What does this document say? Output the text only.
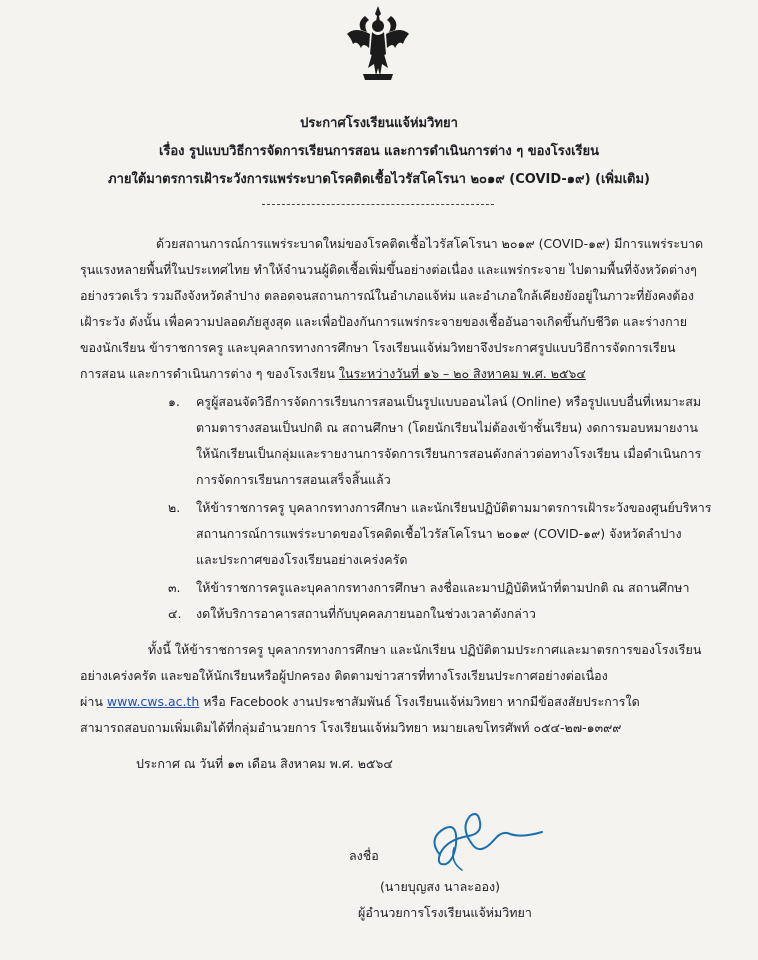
ประกาศโรงเรียนแจ้ห่มวิทยา
เรื่อง รูปแบบวิธีการจัดการเรียนการสอน และการดำเนินการต่าง ๆ ของโรงเรียน
ภายใต้มาตรการเฝ้าระวังการแพร่ระบาดโรคติดเชื้อไวรัสโคโรนา ๒๐๑๙ (COVID-๑๙) (เพิ่มเติม)
ด้วยสถานการณ์การแพร่ระบาดใหม่ของโรคติดเชื้อไวรัสโคโรนา ๒๐๑๙ (COVID-๑๙) มีการแพร่ระบาด
รุนแรงหลายพื้นที่ในประเทศไทย ทำให้จำนวนผู้ติดเชื้อเพิ่มขึ้นอย่างต่อเนื่อง และแพร่กระจาย ไปตามพื้นที่จังหวัดต่างๆ
อย่างรวดเร็ว รวมถึงจังหวัดลำปาง ตลอดจนสถานการณ์ในอำเภอแจ้ห่ม และอำเภอใกล้เคียงยังอยู่ในภาวะที่ยังคงต้อง
เฝ้าระวัง ดังนั้น เพื่อความปลอดภัยสูงสุด และเพื่อป้องกันการแพร่กระจายของเชื้ออันอาจเกิดขึ้นกับชีวิต และร่างกาย
ของนักเรียน ข้าราชการครู และบุคลากรทางการศึกษา โรงเรียนแจ้ห่มวิทยาจึงประกาศรูปแบบวิธีการจัดการเรียน
การสอน และการดำเนินการต่าง ๆ ของโรงเรียน ในระหว่างวันที่ ๑๖ – ๒๐ สิงหาคม พ.ศ. ๒๕๖๔
๑. ครูผู้สอนจัดวิธีการจัดการเรียนการสอนเป็นรูปแบบออนไลน์ (Online) หรือรูปแบบอื่นที่เหมาะสม
ตามตารางสอนเป็นปกติ ณ สถานศึกษา (โดยนักเรียนไม่ต้องเข้าชั้นเรียน) งดการมอบหมายงาน
ให้นักเรียนเป็นกลุ่มและรายงานการจัดการเรียนการสอนดังกล่าวต่อทางโรงเรียน เมื่อดำเนินการ
การจัดการเรียนการสอนเสร็จสิ้นแล้ว
๒. ให้ข้าราชการครู บุคลากรทางการศึกษา และนักเรียนปฏิบัติตามมาตรการเฝ้าระวังของศูนย์บริหาร
สถานการณ์การแพร่ระบาดของโรคติดเชื้อไวรัสโคโรนา ๒๐๑๙ (COVID-๑๙) จังหวัดลำปาง
และประกาศของโรงเรียนอย่างเคร่งครัด
๓. ให้ข้าราชการครูและบุคลากรทางการศึกษา ลงชื่อและมาปฏิบัติหน้าที่ตามปกติ ณ สถานศึกษา
๔. งดให้บริการอาคารสถานที่กับบุคคลภายนอกในช่วงเวลาดังกล่าว
ทั้งนี้ ให้ข้าราชการครู บุคลากรทางการศึกษา และนักเรียน ปฏิบัติตามประกาศและมาตรการของโรงเรียน
อย่างเคร่งครัด และขอให้นักเรียนหรือผู้ปกครอง ติดตามข่าวสารที่ทางโรงเรียนประกาศอย่างต่อเนื่อง
ผ่าน www.cws.ac.th หรือ Facebook งานประชาสัมพันธ์ โรงเรียนแจ้ห่มวิทยา หากมีข้อสงสัยประการใด
สามารถสอบถามเพิ่มเติมได้ที่กลุ่มอำนวยการ โรงเรียนแจ้ห่มวิทยา หมายเลขโทรศัพท์ ๐๕๔-๒๗-๑๓๙๙
ประกาศ ณ วันที่ ๑๓ เดือน สิงหาคม พ.ศ. ๒๕๖๔
ลงชื่อ
(นายบุญสง นาละออง)
ผู้อำนวยการโรงเรียนแจ้ห่มวิทยา
